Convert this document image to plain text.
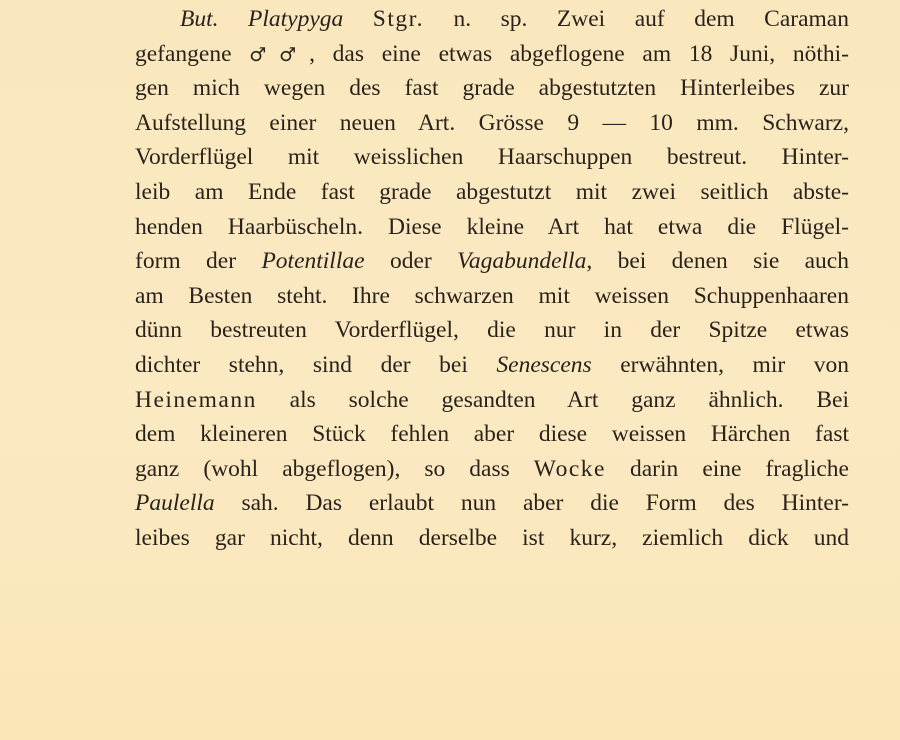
But. Platypyga Stgr. n. sp. Zwei auf dem Caraman
gefangene ♂♂, das eine etwas abgeflogene am 18 Juni, nöthi-
gen mich wegen des fast grade abgestutzten Hinterleibes zur
Aufstellung einer neuen Art. Grösse 9 — 10 mm. Schwarz,
Vorderflügel mit weisslichen Haarschuppen bestreut. Hinter-
leib am Ende fast grade abgestutzt mit zwei seitlich abste-
henden Haarbüscheln. Diese kleine Art hat etwa die Flügel-
form der Potentillae oder Vagabundella, bei denen sie auch
am Besten steht. Ihre schwarzen mit weissen Schuppenhaaren
dünn bestreuten Vorderflügel, die nur in der Spitze etwas
dichter stehn, sind der bei Senescens erwähnten, mir von
Heinemann als solche gesandten Art ganz ähnlich. Bei
dem kleineren Stück fehlen aber diese weissen Härchen fast
ganz (wohl abgeflogen), so dass Wocke darin eine fragliche
Paulella sah. Das erlaubt nun aber die Form des Hinter-
leibes gar nicht, denn derselbe ist kurz, ziemlich dick und
